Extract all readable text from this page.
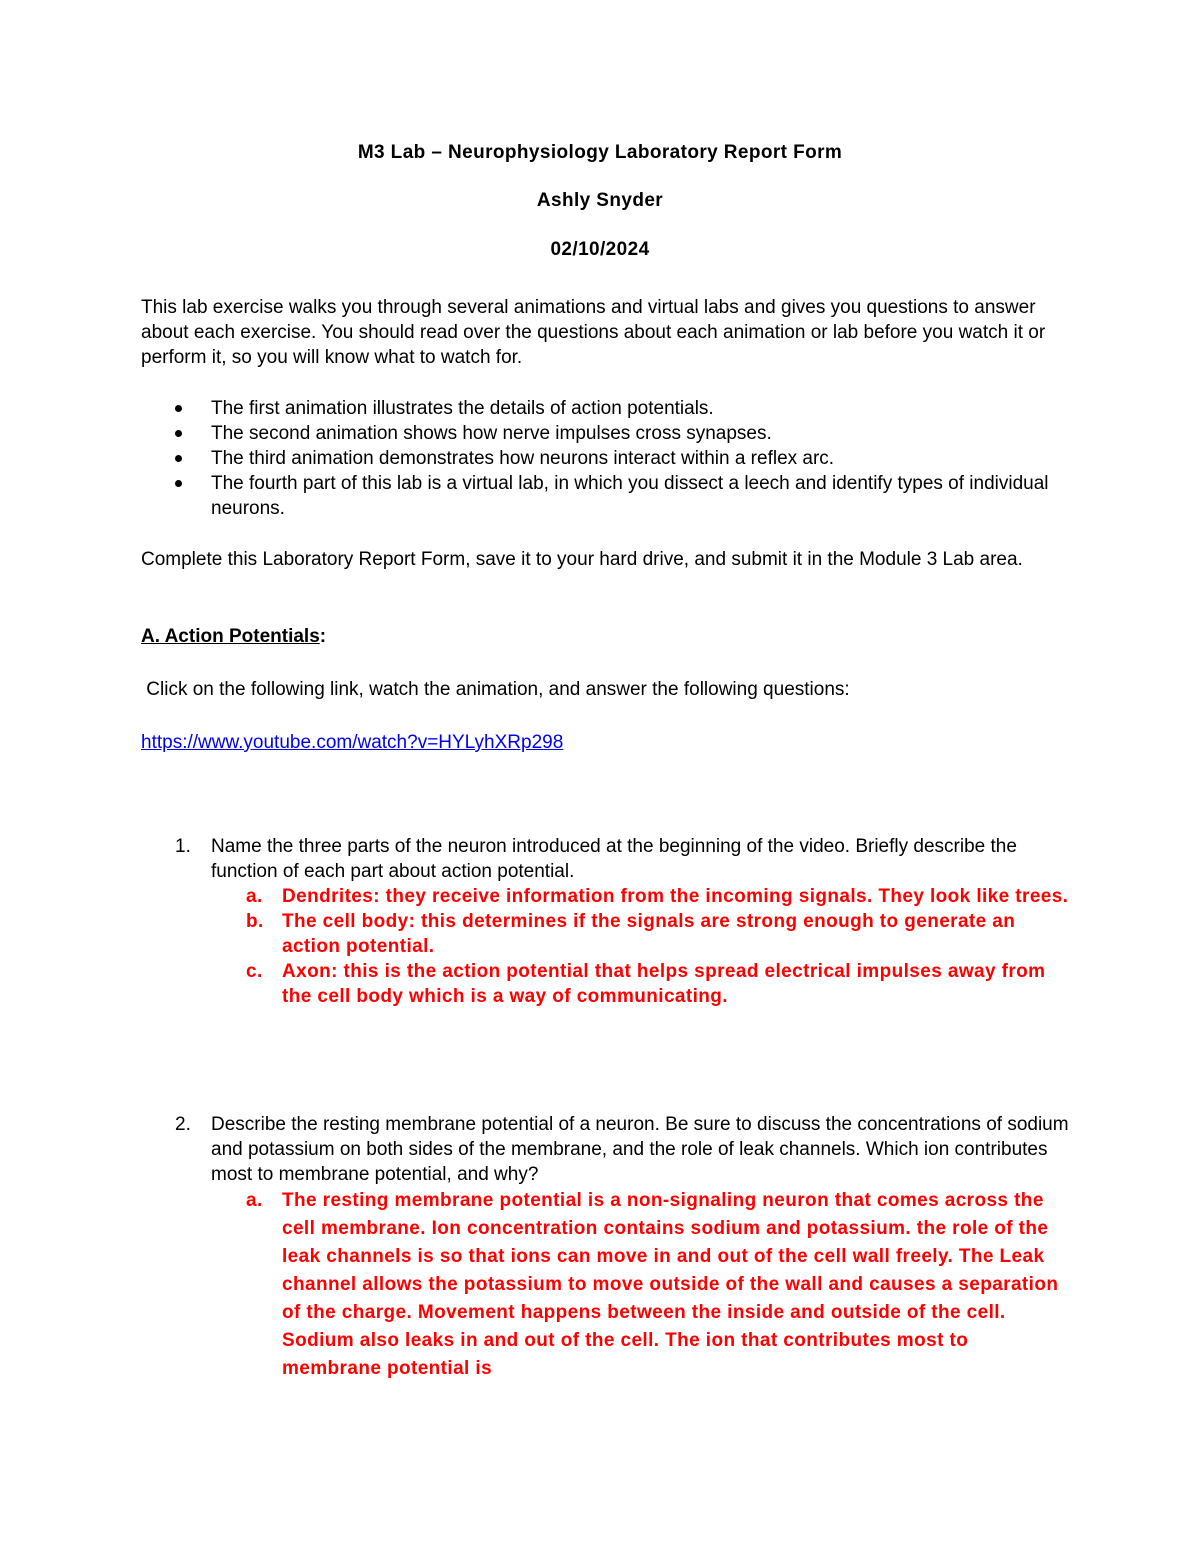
M3 Lab – Neurophysiology Laboratory Report Form
Ashly Snyder
02/10/2024
This lab exercise walks you through several animations and virtual labs and gives you questions to answer about each exercise. You should read over the questions about each animation or lab before you watch it or perform it, so you will know what to watch for.
The first animation illustrates the details of action potentials.
The second animation shows how nerve impulses cross synapses.
The third animation demonstrates how neurons interact within a reflex arc.
The fourth part of this lab is a virtual lab, in which you dissect a leech and identify types of individual neurons.
Complete this Laboratory Report Form, save it to your hard drive, and submit it in the Module 3 Lab area.
A. Action Potentials:
Click on the following link, watch the animation, and answer the following questions:
https://www.youtube.com/watch?v=HYLyhXRp298
1. Name the three parts of the neuron introduced at the beginning of the video. Briefly describe the function of each part about action potential.
a. Dendrites: they receive information from the incoming signals. They look like trees.
b. The cell body: this determines if the signals are strong enough to generate an action potential.
c. Axon: this is the action potential that helps spread electrical impulses away from the cell body which is a way of communicating.
2. Describe the resting membrane potential of a neuron. Be sure to discuss the concentrations of sodium and potassium on both sides of the membrane, and the role of leak channels. Which ion contributes most to membrane potential, and why?
a. The resting membrane potential is a non-signaling neuron that comes across the cell membrane. Ion concentration contains sodium and potassium. the role of the leak channels is so that ions can move in and out of the cell wall freely. The Leak channel allows the potassium to move outside of the wall and causes a separation of the charge. Movement happens between the inside and outside of the cell. Sodium also leaks in and out of the cell. The ion that contributes most to membrane potential is
